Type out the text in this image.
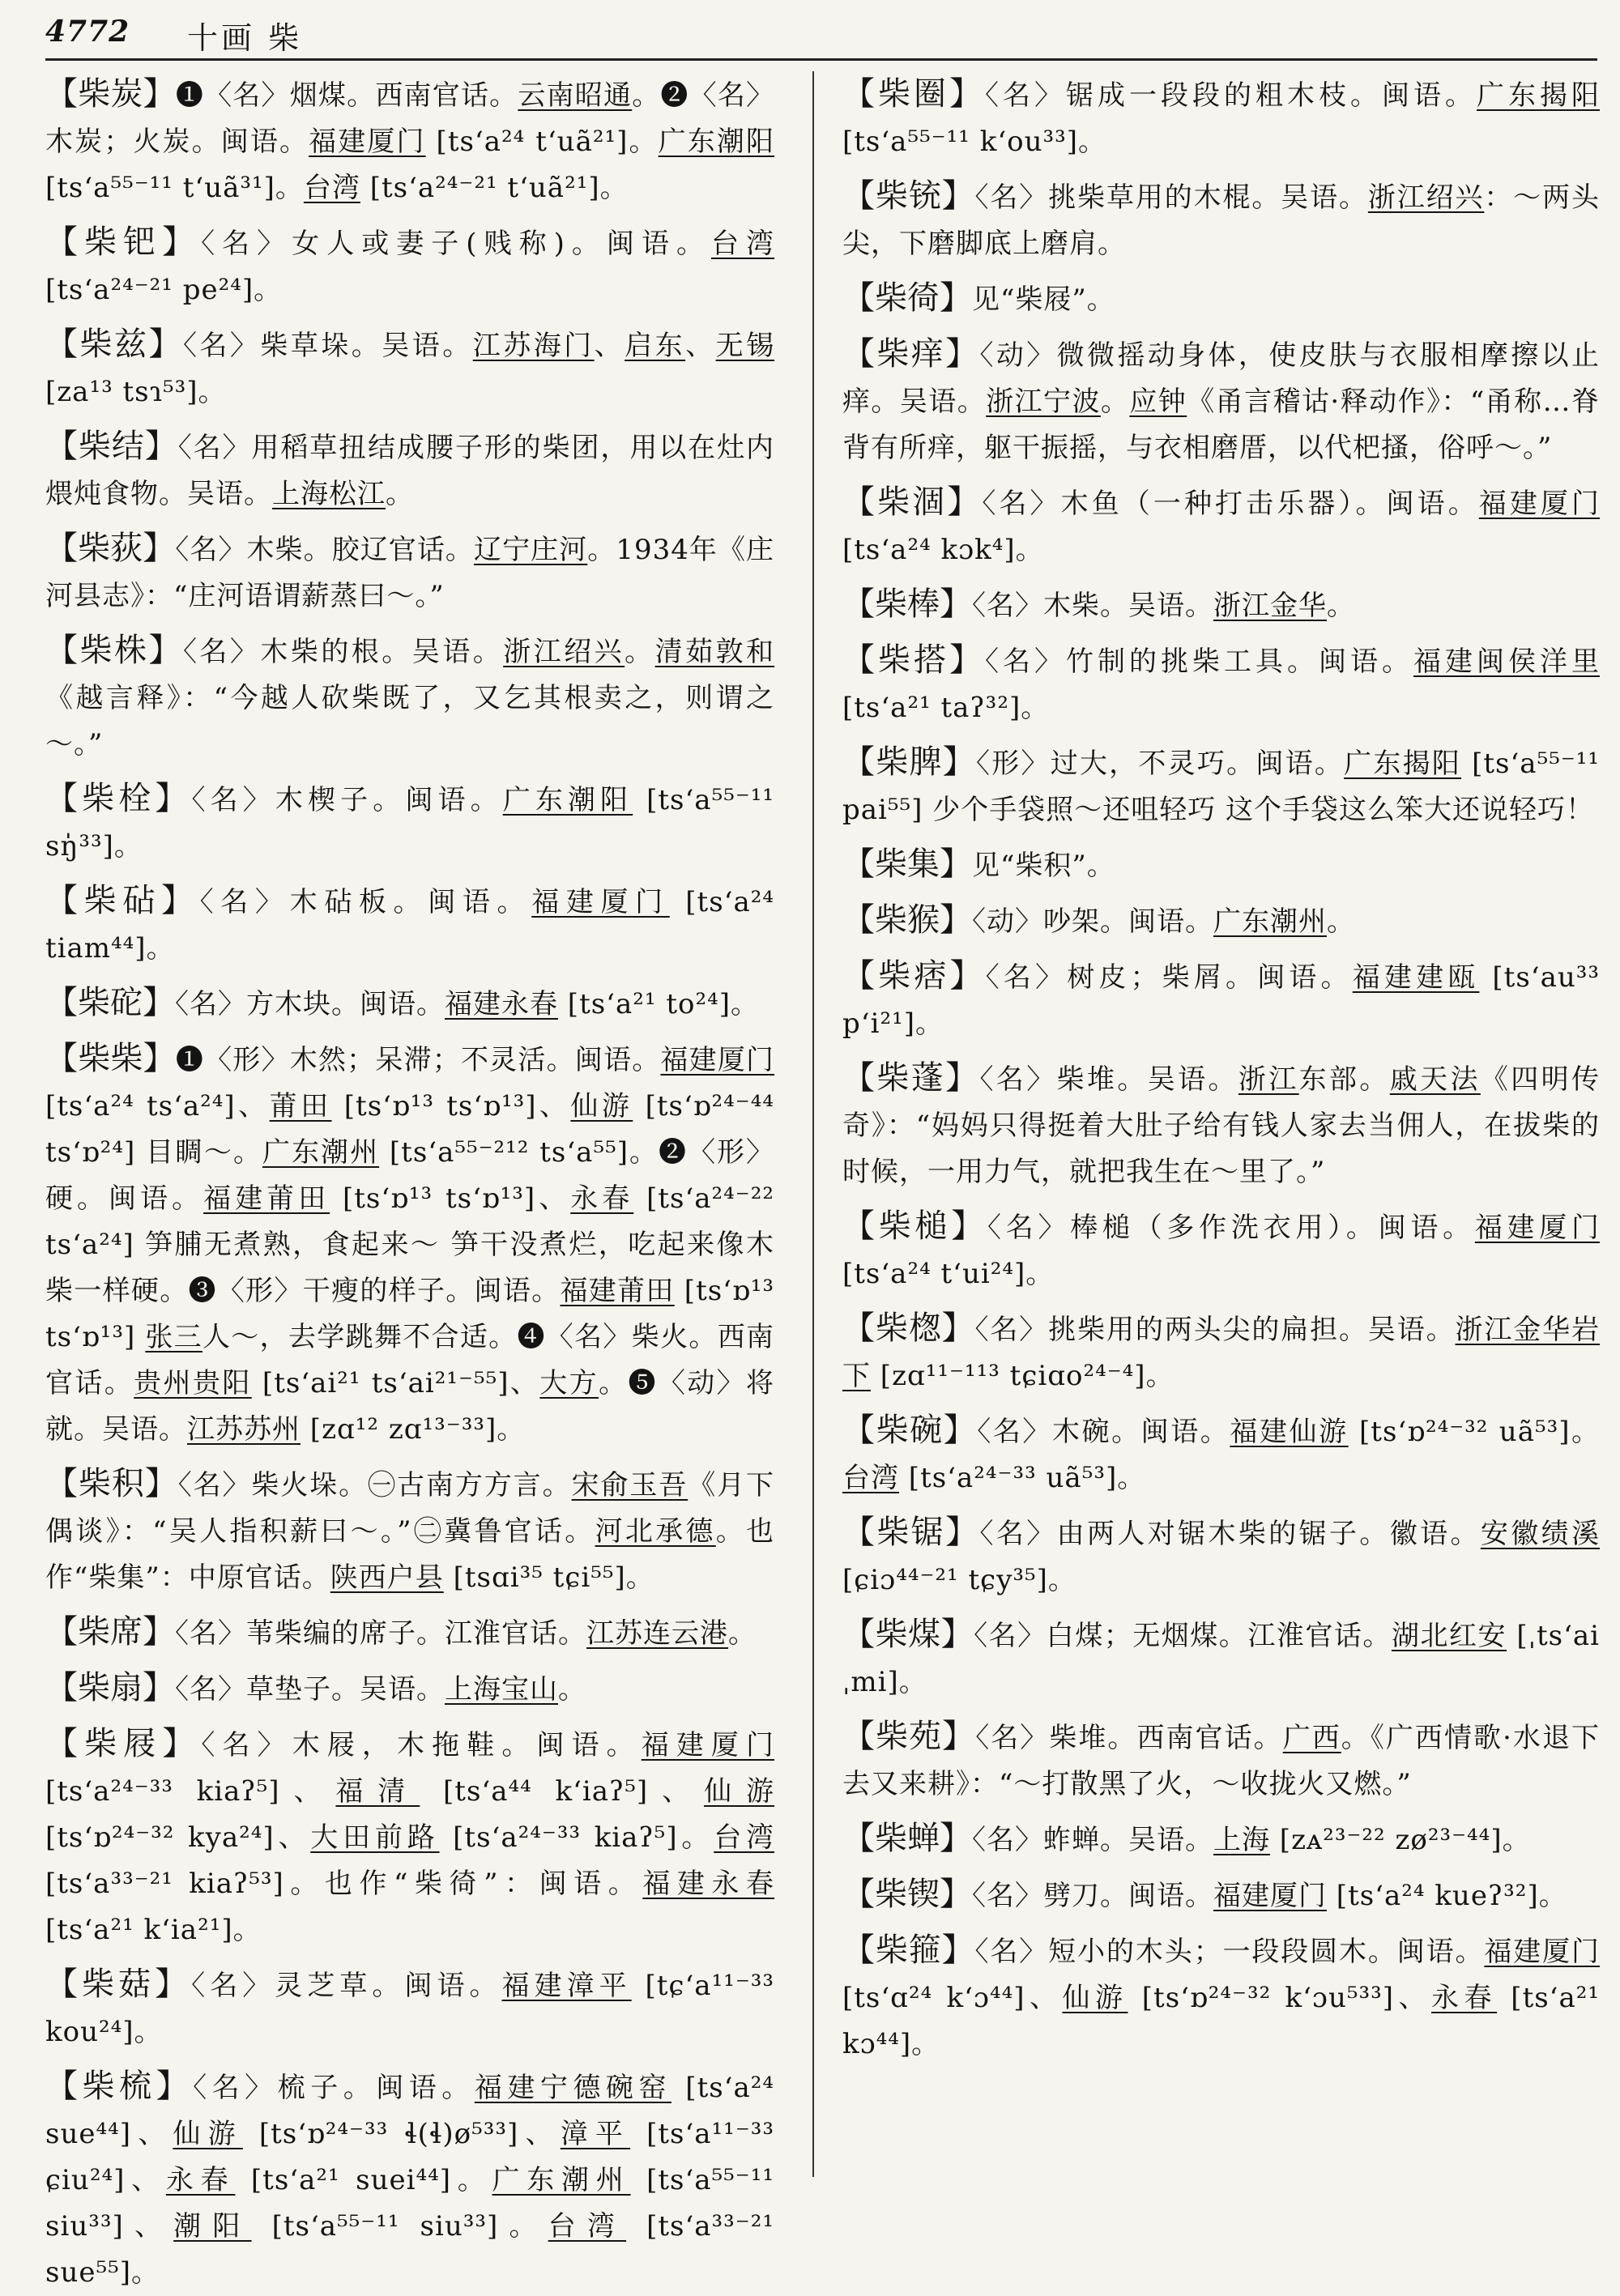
4772 十画 柴

【柴炭】❶〈名〉烟煤。西南官话。云南昭通。❷〈名〉木炭；火炭。闽语。福建厦门 [tsʻa²⁴ tʻuã²¹]。广东潮阳 [tsʻa⁵⁵⁻¹¹ tʻuã³¹]。台湾 [tsʻa²⁴⁻²¹ tʻuã²¹]。

【柴钯】〈名〉女人或妻子(贱称)。闽语。台湾 [tsʻa²⁴⁻²¹ pe²⁴]。

【柴兹】〈名〉柴草垛。吴语。江苏海门、启东、无锡 [za¹³ tsɿ⁵³]。

【柴结】〈名〉用稻草扭结成腰子形的柴团，用以在灶内煨炖食物。吴语。上海松江。

【柴荻】〈名〉木柴。胶辽官话。辽宁庄河。1934年《庄河县志》：“庄河语谓薪蒸曰～。”

【柴株】〈名〉木柴的根。吴语。浙江绍兴。清茹敦和《越言释》：“今越人砍柴既了，又乞其根卖之，则谓之～。”

【柴栓】〈名〉木楔子。闽语。广东潮阳 [tsʻa⁵⁵⁻¹¹ sŋ̍³³]。

【柴砧】〈名〉木砧板。闽语。福建厦门 [tsʻa²⁴ tiam⁴⁴]。

【柴砣】〈名〉方木块。闽语。福建永春 [tsʻa²¹ to²⁴]。

【柴柴】❶〈形〉木然；呆滞；不灵活。闽语。福建厦门 [tsʻa²⁴ tsʻa²⁴]、莆田 [tsʻɒ¹³ tsʻɒ¹³]、仙游 [tsʻɒ²⁴⁻⁴⁴ tsʻɒ²⁴] 目睭～。广东潮州 [tsʻa⁵⁵⁻²¹² tsʻa⁵⁵]。❷〈形〉硬。闽语。福建莆田 [tsʻɒ¹³ tsʻɒ¹³]、永春 [tsʻa²⁴⁻²² tsʻa²⁴] 笋脯无煮熟，食起来～ 笋干没煮烂，吃起来像木柴一样硬。❸〈形〉干瘦的样子。闽语。福建莆田 [tsʻɒ¹³ tsʻɒ¹³] 张三人～，去学跳舞不合适。❹〈名〉柴火。西南官话。贵州贵阳 [tsʻai²¹ tsʻai²¹⁻⁵⁵]、大方。❺〈动〉将就。吴语。江苏苏州 [zɑ¹² zɑ¹³⁻³³]。

【柴积】〈名〉柴火垛。㊀古南方方言。宋俞玉吾《月下偶谈》：“吴人指积薪曰～。”㊁冀鲁官话。河北承德。也作“柴集”：中原官话。陕西户县 [tsɑi³⁵ tɕi⁵⁵]。

【柴席】〈名〉苇柴编的席子。江淮官话。江苏连云港。

【柴扇】〈名〉草垫子。吴语。上海宝山。

【柴屐】〈名〉木屐，木拖鞋。闽语。福建厦门 [tsʻa²⁴⁻³³ kiaʔ⁵]、福清 [tsʻa⁴⁴ kʻiaʔ⁵]、仙游 [tsʻɒ²⁴⁻³² kya²⁴]、大田前路 [tsʻa²⁴⁻³³ kiaʔ⁵]。台湾 [tsʻa³³⁻²¹ kiaʔ⁵³]。也作“柴徛”：闽语。福建永春 [tsʻa²¹ kʻia²¹]。

【柴菇】〈名〉灵芝草。闽语。福建漳平 [tɕʻa¹¹⁻³³ kou²⁴]。

【柴梳】〈名〉梳子。闽语。福建宁德碗窑 [tsʻa²⁴ sue⁴⁴]、仙游 [tsʻɒ²⁴⁻³³ ɬ(ɬ)ø⁵³³]、漳平 [tsʻa¹¹⁻³³ ɕiu²⁴]、永春 [tsʻa²¹ suei⁴⁴]。广东潮州 [tsʻa⁵⁵⁻¹¹ siu³³]、潮阳 [tsʻa⁵⁵⁻¹¹ siu³³]。台湾 [tsʻa³³⁻²¹ sue⁵⁵]。

【柴圈】〈名〉锯成一段段的粗木枝。闽语。广东揭阳 [tsʻa⁵⁵⁻¹¹ kʻou³³]。

【柴铳】〈名〉挑柴草用的木棍。吴语。浙江绍兴：～两头尖，下磨脚底上磨肩。

【柴徛】见“柴屐”。

【柴痒】〈动〉微微摇动身体，使皮肤与衣服相摩擦以止痒。吴语。浙江宁波。应钟《甬言稽诂·释动作》：“甬称…脊背有所痒，躯干振摇，与衣相磨厝，以代杷搔，俗呼～。”

【柴涸】〈名〉木鱼（一种打击乐器）。闽语。福建厦门 [tsʻa²⁴ kɔk⁴]。

【柴棒】〈名〉木柴。吴语。浙江金华。

【柴搭】〈名〉竹制的挑柴工具。闽语。福建闽侯洋里 [tsʻa²¹ taʔ³²]。

【柴脾】〈形〉过大，不灵巧。闽语。广东揭阳 [tsʻa⁵⁵⁻¹¹ pai⁵⁵] 少个手袋照～还咀轻巧 这个手袋这么笨大还说轻巧！

【柴集】见“柴积”。

【柴猴】〈动〉吵架。闽语。广东潮州。

【柴痞】〈名〉树皮；柴屑。闽语。福建建瓯 [tsʻau³³ pʻi²¹]。

【柴蓬】〈名〉柴堆。吴语。浙江东部。戚天法《四明传奇》：“妈妈只得挺着大肚子给有钱人家去当佣人，在拔柴的时候，一用力气，就把我生在～里了。”

【柴槌】〈名〉棒槌（多作洗衣用）。闽语。福建厦门 [tsʻa²⁴ tʻui²⁴]。

【柴楤】〈名〉挑柴用的两头尖的扁担。吴语。浙江金华岩下 [zɑ¹¹⁻¹¹³ tɕiɑo²⁴⁻⁴]。

【柴碗】〈名〉木碗。闽语。福建仙游 [tsʻɒ²⁴⁻³² uã⁵³]。台湾 [tsʻa²⁴⁻³³ uã⁵³]。

【柴锯】〈名〉由两人对锯木柴的锯子。徽语。安徽绩溪 [ɕiɔ⁴⁴⁻²¹ tɕy³⁵]。

【柴煤】〈名〉白煤；无烟煤。江淮官话。湖北红安 [ˌtsʻai ˌmi]。

【柴苑】〈名〉柴堆。西南官话。广西。《广西情歌·水退下去又来耕》：“～打散黑了火，～收拢火又燃。”

【柴蝉】〈名〉蚱蝉。吴语。上海 [zᴀ²³⁻²² zø²³⁻⁴⁴]。

【柴锲】〈名〉劈刀。闽语。福建厦门 [tsʻa²⁴ kueʔ³²]。

【柴箍】〈名〉短小的木头；一段段圆木。闽语。福建厦门 [tsʻɑ²⁴ kʻɔ⁴⁴]、仙游 [tsʻɒ²⁴⁻³² kʻɔu⁵³³]、永春 [tsʻa²¹ kɔ⁴⁴]。
